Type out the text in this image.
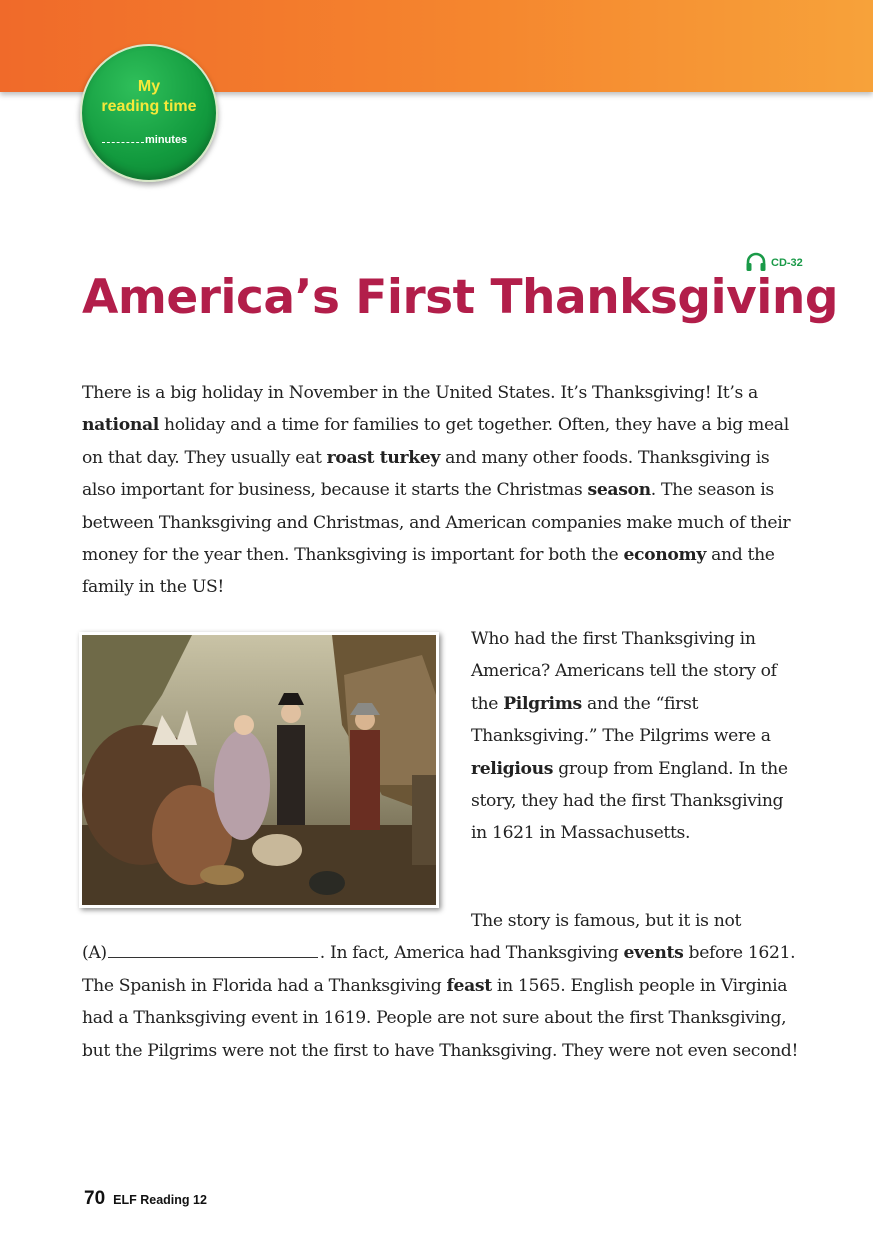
My
reading time
minutes
CD-32
America’s First Thanksgiving

There is a big holiday in November in the United States. It’s Thanksgiving! It’s a national holiday and a time for families to get together. Often, they have a big meal on that day. They usually eat roast turkey and many other foods. Thanksgiving is also important for business, because it starts the Christmas season. The season is between Thanksgiving and Christmas, and American companies make much of their money for the year then. Thanksgiving is important for both the economy and the family in the US!

Who had the first Thanksgiving in America? Americans tell the story of the Pilgrims and the “first Thanksgiving.” The Pilgrims were a religious group from England. In the story, they had the first Thanksgiving in 1621 in Massachusetts.

The story is famous, but it is not
(A)	. In fact, America had Thanksgiving events before 1621. The Spanish in Florida had a Thanksgiving feast in 1565. English people in Virginia had a Thanksgiving event in 1619. People are not sure about the first Thanksgiving, but the Pilgrims were not the first to have Thanksgiving. They were not even second!

70 ELF Reading 12
